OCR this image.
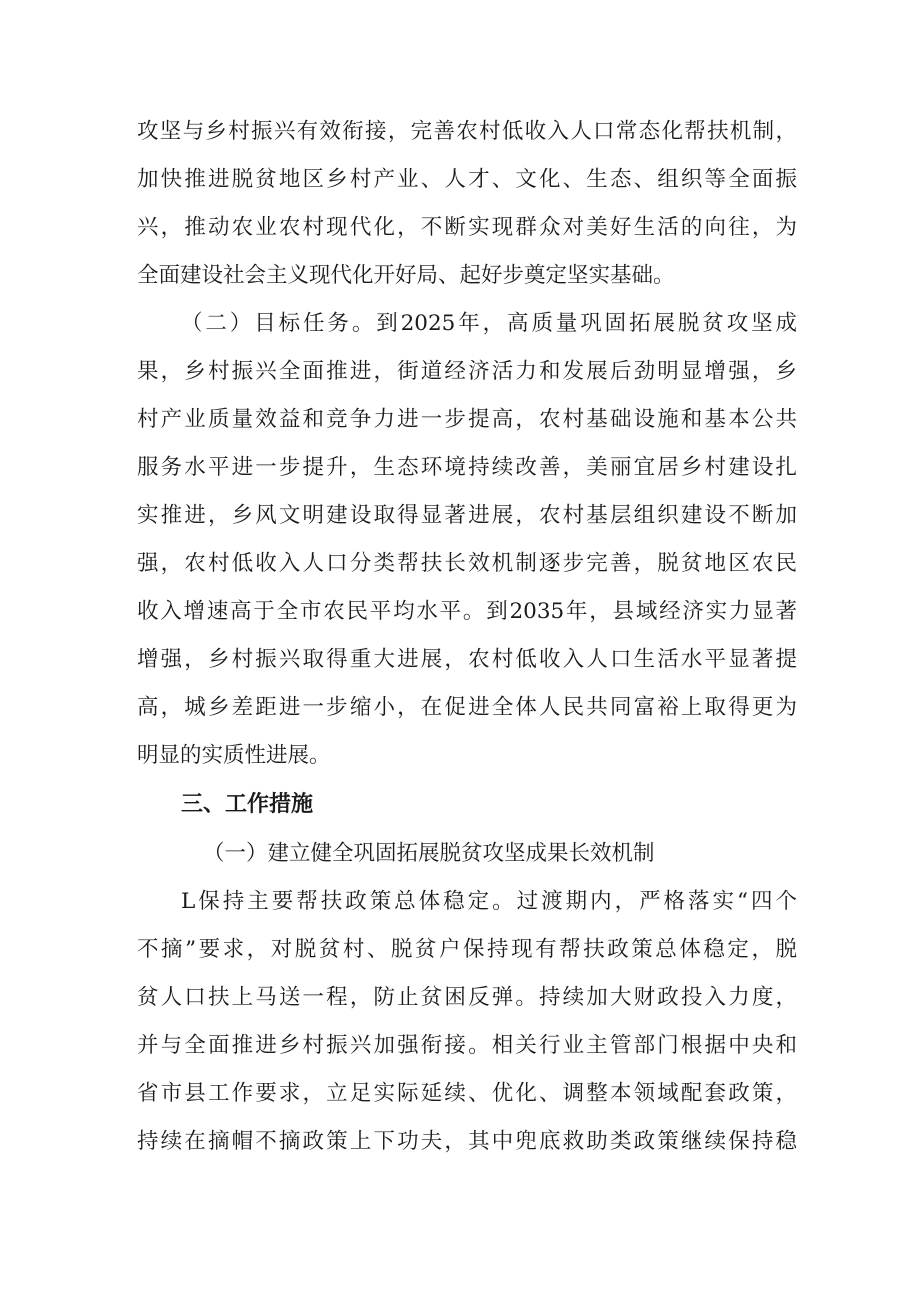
攻坚与乡村振兴有效衔接，完善农村低收入人口常态化帮扶机制，
加快推进脱贫地区乡村产业、人才、文化、生态、组织等全面振
兴，推动农业农村现代化，不断实现群众对美好生活的向往，为
全面建设社会主义现代化开好局、起好步奠定坚实基础。
（二）目标任务。到2025年，高质量巩固拓展脱贫攻坚成
果，乡村振兴全面推进，街道经济活力和发展后劲明显增强，乡
村产业质量效益和竞争力进一步提高，农村基础设施和基本公共
服务水平进一步提升，生态环境持续改善，美丽宜居乡村建设扎
实推进，乡风文明建设取得显著进展，农村基层组织建设不断加
强，农村低收入人口分类帮扶长效机制逐步完善，脱贫地区农民
收入增速高于全市农民平均水平。到2035年，县域经济实力显著
增强，乡村振兴取得重大进展，农村低收入人口生活水平显著提
高，城乡差距进一步缩小，在促进全体人民共同富裕上取得更为
明显的实质性进展。
三、工作措施
（一）建立健全巩固拓展脱贫攻坚成果长效机制
L保持主要帮扶政策总体稳定。过渡期内，严格落实“四个
不摘”要求，对脱贫村、脱贫户保持现有帮扶政策总体稳定，脱
贫人口扶上马送一程，防止贫困反弹。持续加大财政投入力度，
并与全面推进乡村振兴加强衔接。相关行业主管部门根据中央和
省市县工作要求，立足实际延续、优化、调整本领域配套政策，
持续在摘帽不摘政策上下功夫，其中兜底救助类政策继续保持稳
